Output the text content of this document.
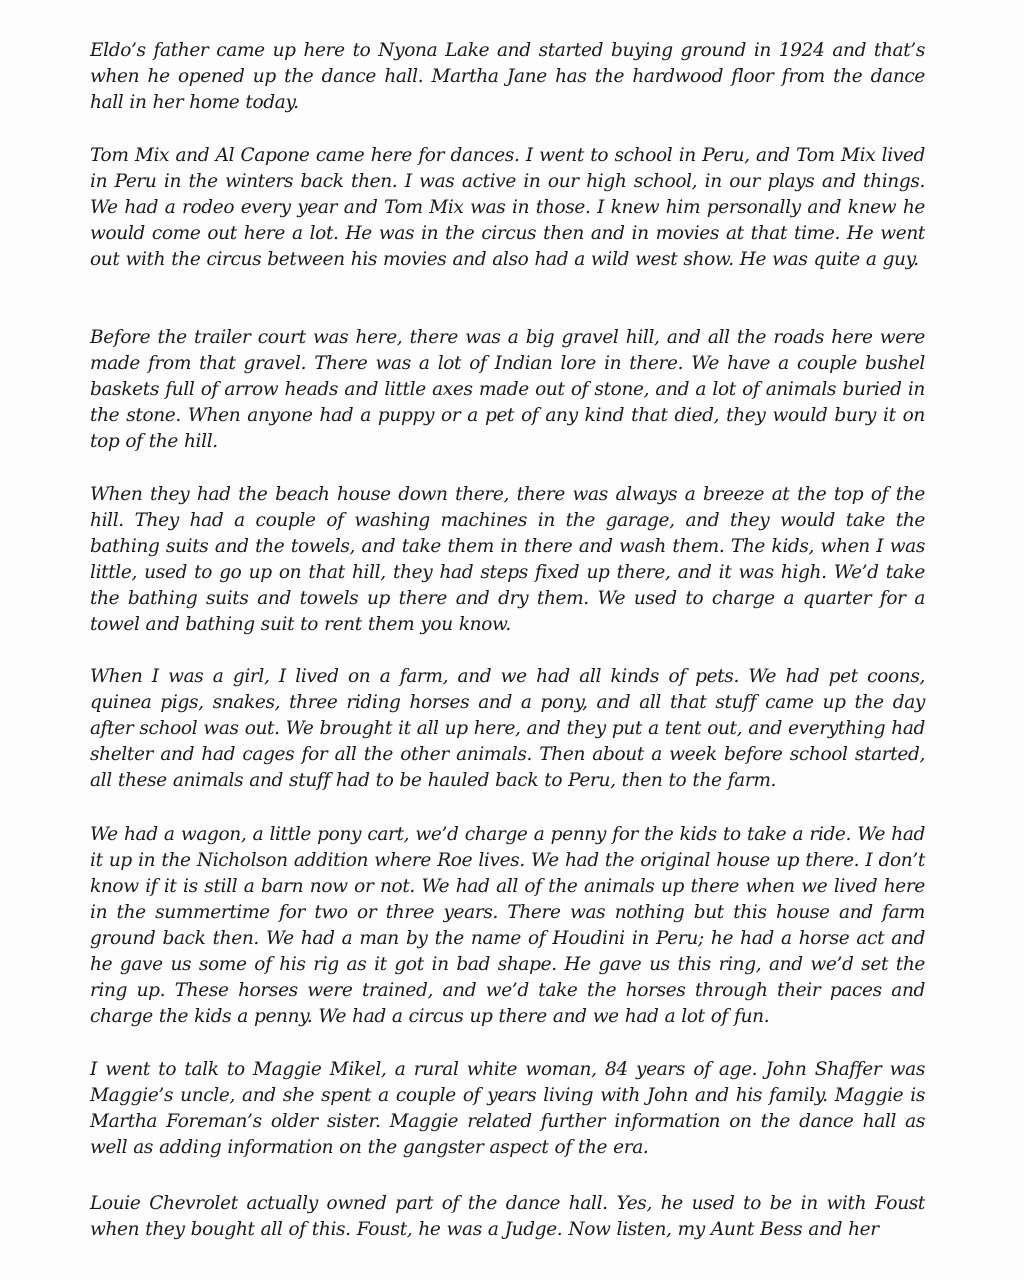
Eldo’s father came up here to Nyona Lake and started buying ground in 1924 and that’s when he opened up the dance hall. Martha Jane has the hardwood floor from the dance hall in her home today.

Tom Mix and Al Capone came here for dances. I went to school in Peru, and Tom Mix lived in Peru in the winters back then. I was active in our high school, in our plays and things. We had a rodeo every year and Tom Mix was in those. I knew him personally and knew he would come out here a lot. He was in the circus then and in movies at that time. He went out with the circus between his movies and also had a wild west show. He was quite a guy.

Before the trailer court was here, there was a big gravel hill, and all the roads here were made from that gravel. There was a lot of Indian lore in there. We have a couple bushel baskets full of arrow heads and little axes made out of stone, and a lot of animals buried in the stone. When anyone had a puppy or a pet of any kind that died, they would bury it on top of the hill.

When they had the beach house down there, there was always a breeze at the top of the hill. They had a couple of washing machines in the garage, and they would take the bathing suits and the towels, and take them in there and wash them. The kids, when I was little, used to go up on that hill, they had steps fixed up there, and it was high. We’d take the bathing suits and towels up there and dry them. We used to charge a quarter for a towel and bathing suit to rent them you know.

When I was a girl, I lived on a farm, and we had all kinds of pets. We had pet coons, quinea pigs, snakes, three riding horses and a pony, and all that stuff came up the day after school was out. We brought it all up here, and they put a tent out, and everything had shelter and had cages for all the other animals. Then about a week before school started, all these animals and stuff had to be hauled back to Peru, then to the farm.

We had a wagon, a little pony cart, we’d charge a penny for the kids to take a ride. We had it up in the Nicholson addition where Roe lives. We had the original house up there. I don’t know if it is still a barn now or not. We had all of the animals up there when we lived here in the summertime for two or three years. There was nothing but this house and farm ground back then. We had a man by the name of Houdini in Peru; he had a horse act and he gave us some of his rig as it got in bad shape. He gave us this ring, and we’d set the ring up. These horses were trained, and we’d take the horses through their paces and charge the kids a penny. We had a circus up there and we had a lot of fun.

I went to talk to Maggie Mikel, a rural white woman, 84 years of age. John Shaffer was Maggie’s uncle, and she spent a couple of years living with John and his family. Maggie is Martha Foreman’s older sister. Maggie related further information on the dance hall as well as adding information on the gangster aspect of the era.

Louie Chevrolet actually owned part of the dance hall. Yes, he used to be in with Foust when they bought all of this. Foust, he was a Judge. Now listen, my Aunt Bess and her
